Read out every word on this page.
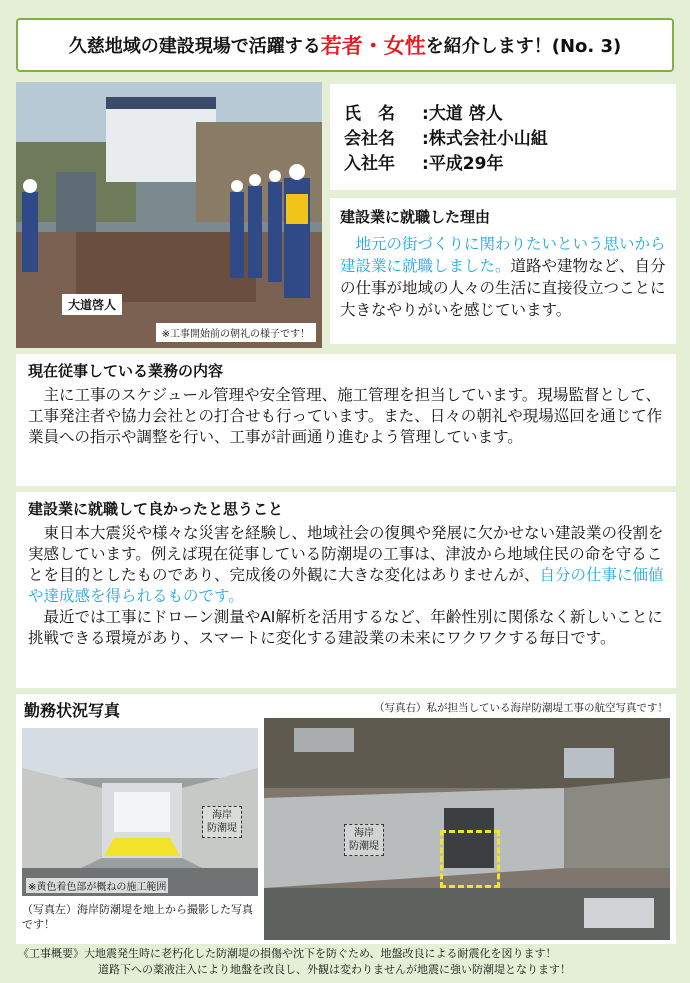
久慈地域の建設現場で活躍する 若者・女性 を紹介します！(No. 3)
大道啓人
※工事開始前の朝礼の様子です！
氏　名	: 大道 啓人
会社名	: 株式会社小山組
入社年	: 平成29年
建設業に就職した理由
　地元の街づくりに関わりたいという思いから建設業に就職しました。道路や建物など、自分の仕事が地域の人々の生活に直接役立つことに大きなやりがいを感じています。
現在従事している業務の内容
　主に工事のスケジュール管理や安全管理、施工管理を担当しています。現場監督として、工事発注者や協力会社との打合せも行っています。また、日々の朝礼や現場巡回を通じて作業員への指示や調整を行い、工事が計画通り進むよう管理しています。
建設業に就職して良かったと思うこと
　東日本大震災や様々な災害を経験し、地域社会の復興や発展に欠かせない建設業の役割を実感しています。例えば現在従事している防潮堤の工事は、津波から地域住民の命を守ることを目的としたものであり、完成後の外観に大きな変化はありませんが、自分の仕事に価値や達成感を得られるものです。
　最近では工事にドローン測量やAI解析を活用するなど、年齢性別に関係なく新しいことに挑戦できる環境があり、スマートに変化する建設業の未来にワクワクする毎日です。
勤務状況写真	（写真右）私が担当している海岸防潮堤工事の航空写真です！
海岸
防潮堤
※黄色着色部が概ねの施工範囲
（写真左）海岸防潮堤を地上から撮影した写真です！
海岸
防潮堤
《工事概要》大地震発生時に老朽化した防潮堤の損傷や沈下を防ぐため、地盤改良による耐震化を図ります！
道路下への薬液注入により地盤を改良し、外観は変わりませんが地震に強い防潮堤となります！
